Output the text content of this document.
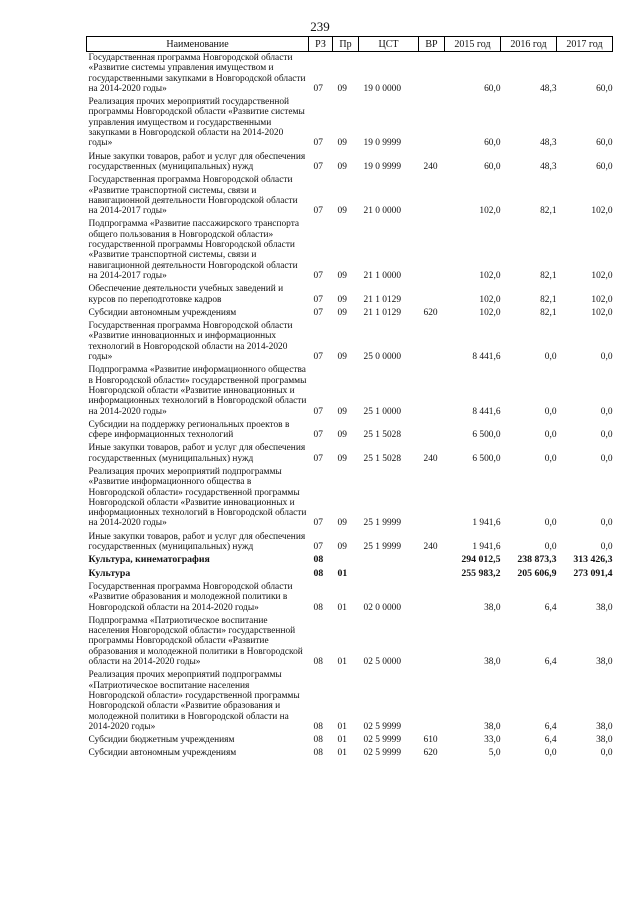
239
Наименование	РЗ	Пр	ЦСТ	ВР	2015 год	2016 год	2017 год
Государственная программа Новгородской области «Развитие системы управления имуществом и государственными закупками в Новгородской области на 2014-2020 годы»	07	09	19 0 0000		60,0	48,3	60,0
Реализация прочих мероприятий государственной программы Новгородской области «Развитие системы управления имуществом и государственными закупками в Новгородской области на 2014-2020 годы»	07	09	19 0 9999		60,0	48,3	60,0
Иные закупки товаров, работ и услуг для обеспечения государственных (муниципальных) нужд	07	09	19 0 9999	240	60,0	48,3	60,0
Государственная программа Новгородской области «Развитие транспортной системы, связи и навигационной деятельности Новгородской области на 2014-2017 годы»	07	09	21 0 0000		102,0	82,1	102,0
Подпрограмма «Развитие пассажирского транспорта общего пользования в Новгородской области» государственной программы Новгородской области «Развитие транспортной системы, связи и навигационной деятельности Новгородской области на 2014-2017 годы»	07	09	21 1 0000		102,0	82,1	102,0
Обеспечение деятельности учебных заведений и курсов по переподготовке кадров	07	09	21 1 0129		102,0	82,1	102,0
Субсидии автономным учреждениям	07	09	21 1 0129	620	102,0	82,1	102,0
Государственная программа Новгородской области «Развитие инновационных и информационных технологий в Новгородской области на 2014-2020 годы»	07	09	25 0 0000		8 441,6	0,0	0,0
Подпрограмма «Развитие информационного общества в Новгородской области» государственной программы Новгородской области «Развитие инновационных и информационных технологий в Новгородской области на 2014-2020 годы»	07	09	25 1 0000		8 441,6	0,0	0,0
Субсидии на поддержку региональных проектов в сфере информационных технологий	07	09	25 1 5028		6 500,0	0,0	0,0
Иные закупки товаров, работ и услуг для обеспечения государственных (муниципальных) нужд	07	09	25 1 5028	240	6 500,0	0,0	0,0
Реализация прочих мероприятий подпрограммы «Развитие информационного общества в Новгородской области» государственной программы Новгородской области «Развитие инновационных и информационных технологий в Новгородской области на 2014-2020 годы»	07	09	25 1 9999		1 941,6	0,0	0,0
Иные закупки товаров, работ и услуг для обеспечения государственных (муниципальных) нужд	07	09	25 1 9999	240	1 941,6	0,0	0,0
Культура, кинематография	08				294 012,5	238 873,3	313 426,3
Культура	08	01			255 983,2	205 606,9	273 091,4
Государственная программа Новгородской области «Развитие образования и молодежной политики в Новгородской области на 2014-2020 годы»	08	01	02 0 0000		38,0	6,4	38,0
Подпрограмма «Патриотическое воспитание населения Новгородской области» государственной программы Новгородской области «Развитие образования и молодежной политики в Новгородской области на 2014-2020 годы»	08	01	02 5 0000		38,0	6,4	38,0
Реализация прочих мероприятий подпрограммы «Патриотическое воспитание населения Новгородской области» государственной программы Новгородской области «Развитие образования и молодежной политики в Новгородской области на 2014-2020 годы»	08	01	02 5 9999		38,0	6,4	38,0
Субсидии бюджетным учреждениям	08	01	02 5 9999	610	33,0	6,4	38,0
Субсидии автономным учреждениям	08	01	02 5 9999	620	5,0	0,0	0,0
